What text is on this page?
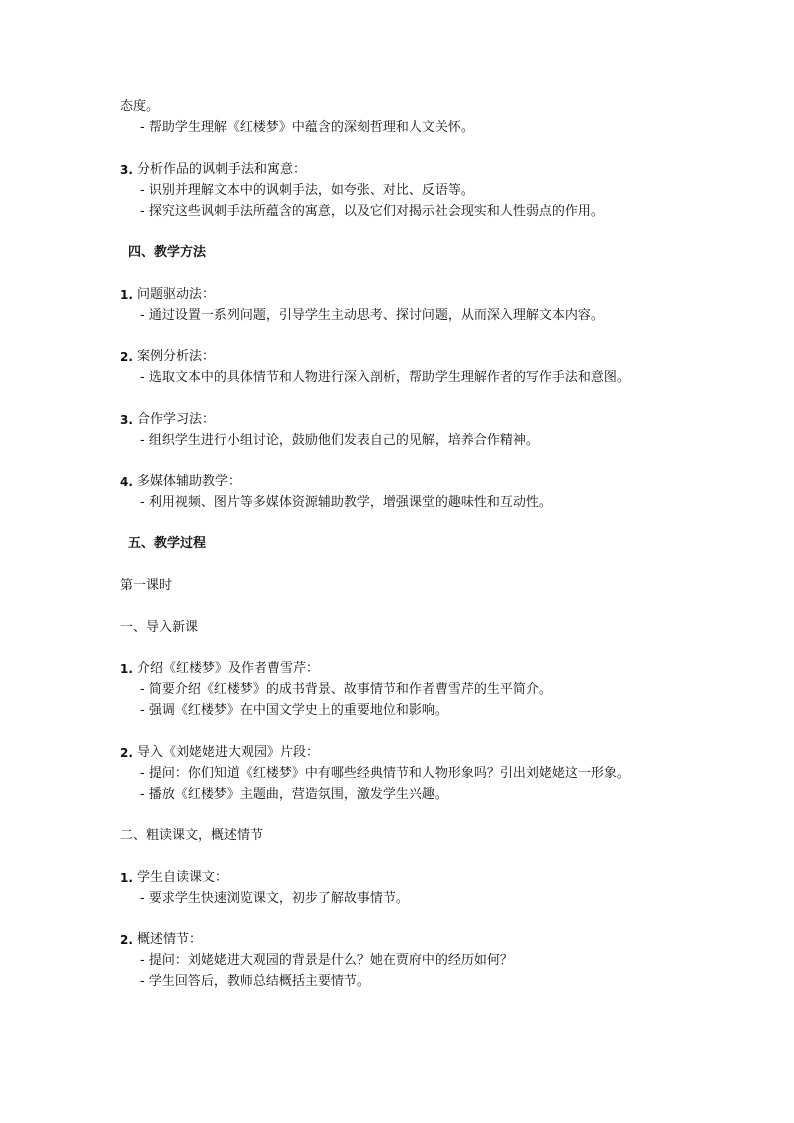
态度。
- 帮助学生理解《红楼梦》中蕴含的深刻哲理和人文关怀。
3. 分析作品的讽刺手法和寓意：
- 识别并理解文本中的讽刺手法，如夸张、对比、反语等。
- 探究这些讽刺手法所蕴含的寓意，以及它们对揭示社会现实和人性弱点的作用。
四、教学方法
1. 问题驱动法：
- 通过设置一系列问题，引导学生主动思考、探讨问题，从而深入理解文本内容。
2. 案例分析法：
- 选取文本中的具体情节和人物进行深入剖析，帮助学生理解作者的写作手法和意图。
3. 合作学习法：
- 组织学生进行小组讨论，鼓励他们发表自己的见解，培养合作精神。
4. 多媒体辅助教学：
- 利用视频、图片等多媒体资源辅助教学，增强课堂的趣味性和互动性。
五、教学过程
第一课时
一、导入新课
1. 介绍《红楼梦》及作者曹雪芹：
- 简要介绍《红楼梦》的成书背景、故事情节和作者曹雪芹的生平简介。
- 强调《红楼梦》在中国文学史上的重要地位和影响。
2. 导入《刘姥姥进大观园》片段：
- 提问：你们知道《红楼梦》中有哪些经典情节和人物形象吗？引出刘姥姥这一形象。
- 播放《红楼梦》主题曲，营造氛围，激发学生兴趣。
二、粗读课文，概述情节
1. 学生自读课文：
- 要求学生快速浏览课文，初步了解故事情节。
2. 概述情节：
- 提问：刘姥姥进大观园的背景是什么？她在贾府中的经历如何？
- 学生回答后，教师总结概括主要情节。
